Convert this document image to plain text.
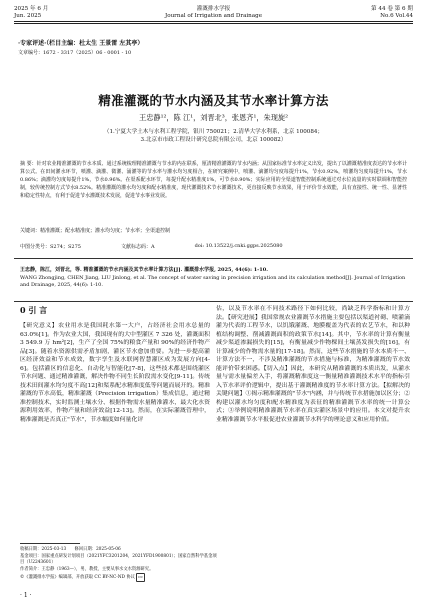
2025 年 6 月
Jun. 2025
灌溉排水学报
Journal of Irrigation and Drainage
第 44 卷 第 6 期
No.6 Vol.44
·专家评述·（栏目主编：杜太生 王景雷 左其亭）
文章编号：1672 - 3317（2025）06 - 0001 - 10
精准灌溉的节水内涵及其节水率计算方法
王忠静¹²，陈 江¹，刘晋北³，张恩齐¹，朱现旋²
（1.宁夏大学土木与水利工程学院，银川 750021；2.清华大学水利系，北京 100084；
3.北京市市政工程设计研究总院有限公司，北京 100082）
摘 要：针对农业精准灌溉的节水本质、通过系统梳理精准灌溉与节水的内在联系，厘清精准灌溉的节水内涵；从国家标准节水率定义出发，提出了以灌溉精准度表达的节水率计算公式。在田间灌水环节，喷灌、滴灌、微灌、涌灌等的节水率与灌水均匀度相合，在研究案例中，喷灌、滴灌均匀度每提升1%，节水0.92%，喷灌均匀度每提升1%，节水0.86%；滴灌均匀度每提升1%，节水0.96%。在渠系配水环节，每提升配水精准度1%，可节水0.90%；实际应用的全渠道智能控制系统通过对水位流量的实时联调和智能控制，较传统控制方式节水8.52%。精准灌溉的灌水均匀度和配水精准度，现代灌溉技术节水灌溉技术，更直接反映节水效果，用于评价节水效能，具有直接性、统一性、显著性和稳定性特点，有利于促进节水灌溉技术发展，促进节水事业发展。
关键词：精准灌溉；配水精准度；灌水均匀度；节水率；全渠道控制
中图分类号：S274；S275	文献标志码：A	doi: 10.13522/j.cnki.ggps.2025080
王忠静，陈江，刘晋北，等. 精准灌溉的节水内涵及其节水率计算方法[J]. 灌溉排水学报, 2025, 44(6): 1-10.
WANG Zhongjing, CHEN Jiang, LIU Jinlong, et al. The concept of water saving in precision irrigation and its calculation method[J]. Journal of Irrigation and Drainage, 2025, 44(6): 1-10.
0 引 言
【研究意义】农业用水是我国耗水第一大户，占经济社会用水总量的 63.0%[1]。作为农业大国，我国现有的大中型灌区 7 326 处，灌溉面积 3 549.9 万 hm²[2]，生产了全国 75%的粮食产量和 90%的经济作物产品[3]。随着水资源供需矛盾加剧，灌区节水愈加重要。为进一步提高灌区经济效益和节水成效，数字孪生及水联网智慧灌区成为发展方向[4-6]。包括灌区的信息化、自动化与智能化[7-8]，这些技术都是围绕灌区节水问题、通过精准灌溉，解决作物不同生长阶段需水变化[9-11]。传统技术田间灌水均匀度不高[12]和渠系配水精准度低等问题而展开的。精准灌溉的节水高低，精准灌溉（Precision irrigation）集成信息，通过精准控制技术，实时监测土壤水分、根据作物需水量精准灌水，最大化水资源利用效率，作物产量和经济效益[12-13]。然而，在实际灌溉管理中，精准灌溉是否真正"节水"，节水幅度如何量化评
估，以及节水率在不同技术路径下如何比较，尚缺乏科学指标和计算方法。【研究进展】我国常规农业灌溉节水措施主要包括以渠道衬砌、喷灌滴灌为代表的工程节水，以饥饿灌溉、地膜覆盖为代表的农艺节水，和以种植结构调整、削减灌溉面积的政策节水[14]。其中，节水率的计算有衡量减少渠道渗漏损失的[15]，有衡量减少作物棵间土壤蒸发损失的[16]，有计算减少的作物需水量的[17-18]。然而，这些节水措施的节水本质不一、计算方法不一，不涉及精准灌溉的节水措施与标准，为精准灌溉的节水效能评价带来困惑。【切入点】因此，本研究从精准灌溉的本质出发，从灌水量与需水量偏差入手，将灌溉精准度这一衡量精准灌溉技术水平的指标引入节水率评价逻辑中，提出基于灌溉精准度的节水率计算方法。【拟解决的关键问题】①揭示精准灌溉的"节水"内涵，并与传统节水措施加以区分；②构建以灌水均匀度和配水精准度为表征的精准灌溉节水率的统一计算公式；③举例说明精准灌溉节水率在真实灌区场景中的应用。本文对提升农业精准灌溉节水平报促进农业灌溉节水科学的理论意义和应用价值。
收稿日期：2025-03-13 修回日期：2025-05-06
基金项目：国家重点研发计划项目（2021YFC3201204，2021YFD1900801）；国家自然科学基金项目（U2243601）
作者简介：王忠静（1963—），男，教授，主要从事水文水资源研究。
©《灌溉排水学报》编辑部，开放获取 CC BY-NC-ND 协议 cc
· 1 ·
